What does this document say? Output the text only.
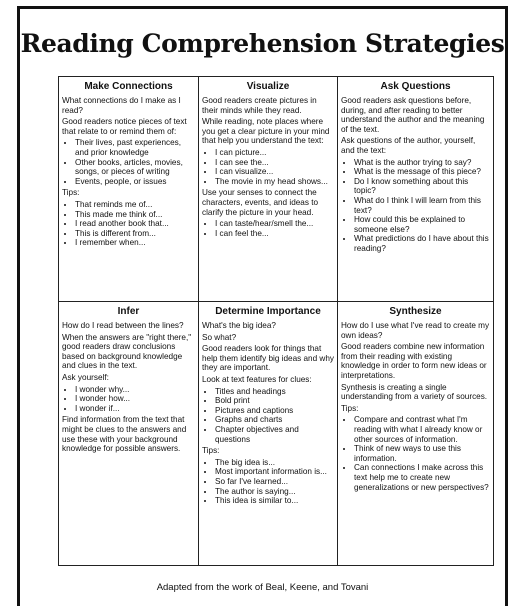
Reading Comprehension Strategies
Make Connections

What connections do I make as I read?

Good readers notice pieces of text that relate to or remind them of:

• Their lives, past experiences, and prior knowledge
• Other books, articles, movies, songs, or pieces of writing
• Events, people, or issues

Tips:

• That reminds me of...
• This made me think of...
• I read another book that...
• This is different from...
• I remember when...
Visualize

Good readers create pictures in their minds while they read.

While reading, note places where you get a clear picture in your mind that help you understand the text:

• I can picture...
• I can see the...
• I can visualize...
• The movie in my head shows...

Use your senses to connect the characters, events, and ideas to clarify the picture in your head.

• I can taste/hear/smell the...
• I can feel the...
Ask Questions

Good readers ask questions before, during, and after reading to better understand the author and the meaning of the text.

Ask questions of the author, yourself, and the text:

• What is the author trying to say?
• What is the message of this piece?
• Do I know something about this topic?
• What do I think I will learn from this text?
• How could this be explained to someone else?
• What predictions do I have about this reading?
Infer

How do I read between the lines?

When the answers are "right there," good readers draw conclusions based on background knowledge and clues in the text.

Ask yourself:

• I wonder why...
• I wonder how...
• I wonder if...

Find information from the text that might be clues to the answers and use these with your background knowledge for possible answers.

Determine Importance

What's the big idea?

So what?

Good readers look for things that help them identify big ideas and why they are important.

Look at text features for clues:

• Titles and headings
• Bold print
• Pictures and captions
• Graphs and charts
• Chapter objectives and questions

Tips:

• The big idea is...
• Most important information is...
• So far I've learned...
• The author is saying...
• This idea is similar to...
Synthesize

How do I use what I've read to create my own ideas?

Good readers combine new information from their reading with existing knowledge in order to form new ideas or interpretations.

Synthesis is creating a single understanding from a variety of sources.

Tips:

• Compare and contrast what I'm reading with what I already know or other sources of information.
• Think of new ways to use this information.
• Can connections I make across this text help me to create new generalizations or new perspectives?
Adapted from the work of Beal, Keene, and Tovani
